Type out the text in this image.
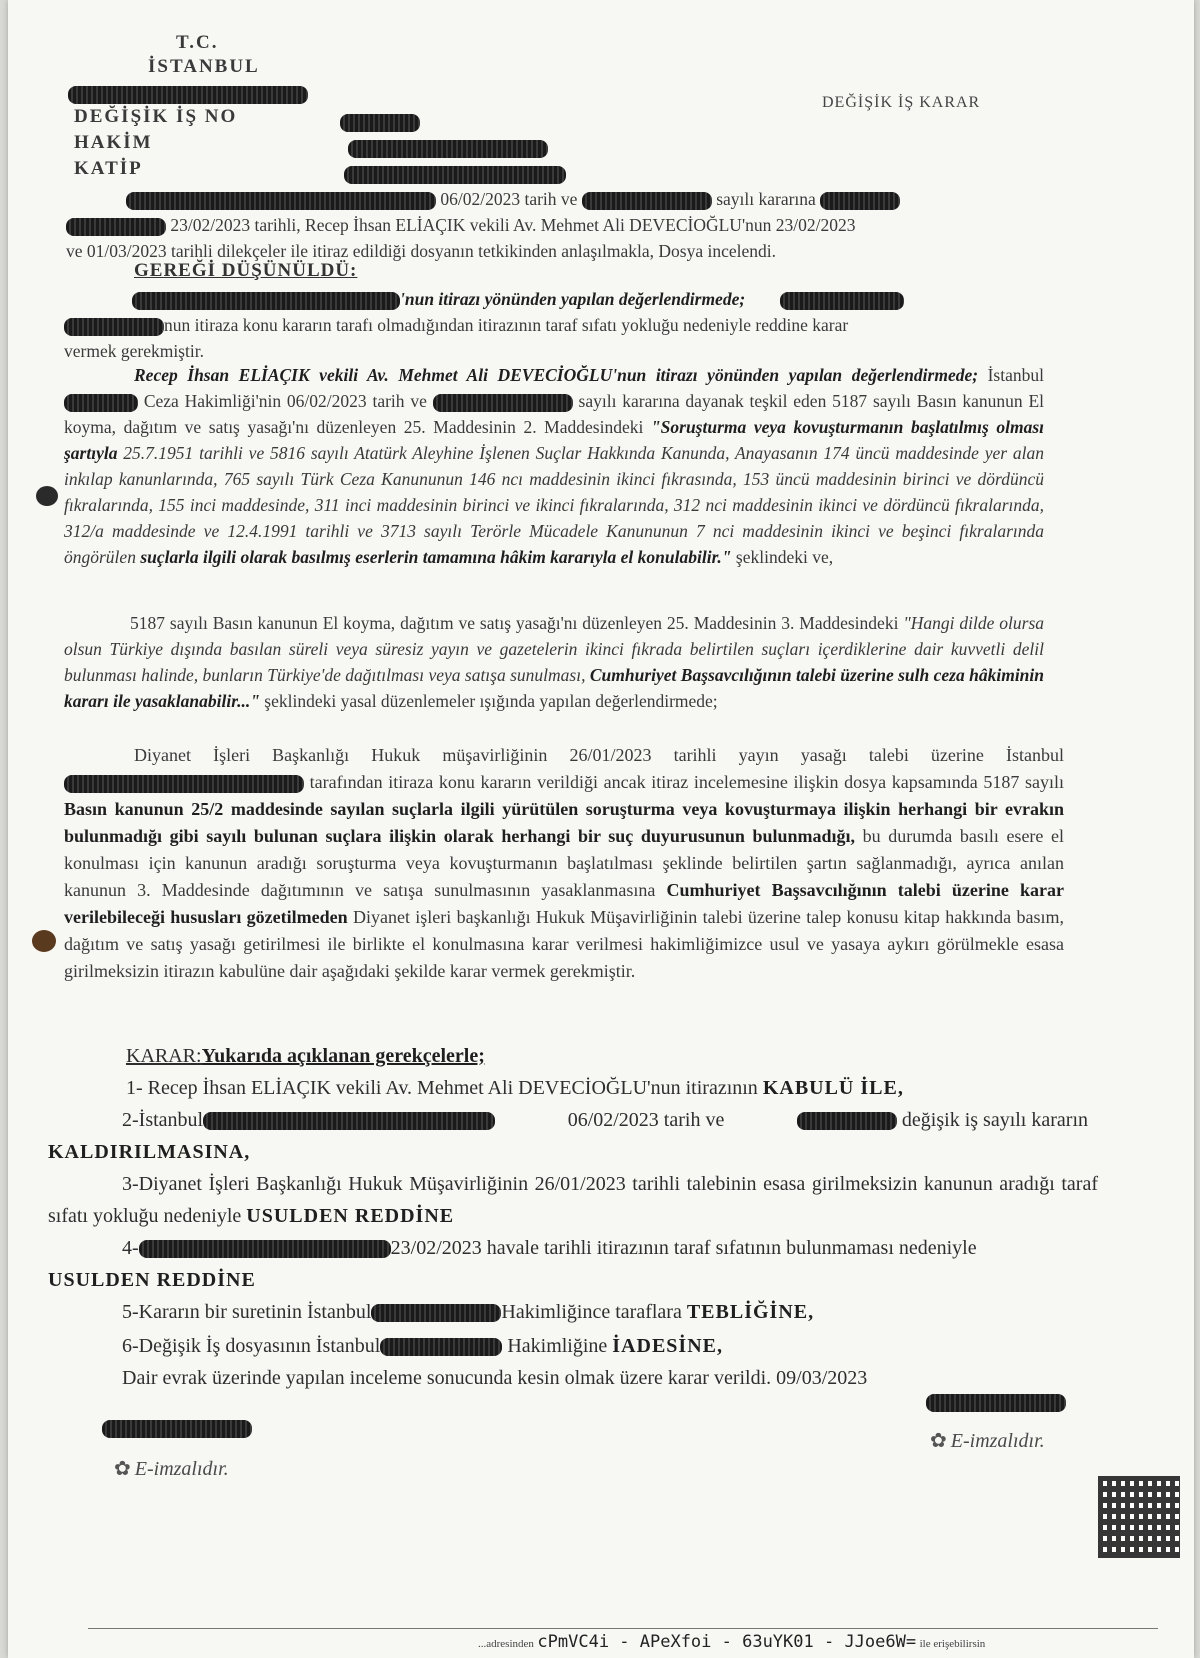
T.C.
İSTANBUL
DEĞİŞİK İŞ NO
HAKİM
KATİP
DEĞİŞİK İŞ KARAR
06/02/2023 tarih ve	sayılı kararına
23/02/2023 tarihli, Recep İhsan ELİAÇIK vekili Av. Mehmet Ali DEVECİOĞLU'nun 23/02/2023
ve 01/03/2023 tarihli dilekçeler ile itiraz edildiği dosyanın tetkikinden anlaşılmakla, Dosya incelendi.
GEREĞİ DÜŞÜNÜLDÜ:
'nun itirazı yönünden yapılan değerlendirmede;
nun itiraza konu kararın tarafı olmadığından itirazının taraf sıfatı yokluğu nedeniyle reddine karar
vermek gerekmiştir.
Recep İhsan ELİAÇIK vekili Av. Mehmet Ali DEVECİOĞLU'nun itirazı yönünden yapılan değerlendirmede; İstanbul Ceza Hakimliği'nin 06/02/2023 tarih ve	sayılı kararına dayanak teşkil eden 5187 sayılı Basın kanunun El koyma, dağıtım ve satış yasağı'nı düzenleyen 25. Maddesinin 2. Maddesindeki "Soruşturma veya kovuşturmanın başlatılmış olması şartıyla 25.7.1951 tarihli ve 5816 sayılı Atatürk Aleyhine İşlenen Suçlar Hakkında Kanunda, Anayasanın 174 üncü maddesinde yer alan inkılap kanunlarında, 765 sayılı Türk Ceza Kanununun 146 ncı maddesinin ikinci fıkrasında, 153 üncü maddesinin birinci ve dördüncü fıkralarında, 155 inci maddesinde, 311 inci maddesinin birinci ve ikinci fıkralarında, 312 nci maddesinin ikinci ve dördüncü fıkralarında, 312/a maddesinde ve 12.4.1991 tarihli ve 3713 sayılı Terörle Mücadele Kanununun 7 nci maddesinin ikinci ve beşinci fıkralarında öngörülen suçlarla ilgili olarak basılmış eserlerin tamamına hâkim kararıyla el konulabilir." şeklindeki ve,
5187 sayılı Basın kanunun El koyma, dağıtım ve satış yasağı'nı düzenleyen 25. Maddesinin 3. Maddesindeki "Hangi dilde olursa olsun Türkiye dışında basılan süreli veya süresiz yayın ve gazetelerin ikinci fıkrada belirtilen suçları içerdiklerine dair kuvvetli delil bulunması halinde, bunların Türkiye'de dağıtılması veya satışa sunulması, Cumhuriyet Başsavcılığının talebi üzerine sulh ceza hâkiminin kararı ile yasaklanabilir..." şeklindeki yasal düzenlemeler ışığında yapılan değerlendirmede;
Diyanet İşleri Başkanlığı Hukuk müşavirliğinin 26/01/2023 tarihli yayın yasağı talebi üzerine İstanbul  tarafından itiraza konu kararın verildiği ancak itiraz incelemesine ilişkin dosya kapsamında 5187 sayılı Basın kanunun 25/2 maddesinde sayılan suçlarla ilgili yürütülen soruşturma veya kovuşturmaya ilişkin herhangi bir evrakın bulunmadığı gibi sayılı bulunan suçlara ilişkin olarak herhangi bir suç duyurusunun bulunmadığı, bu durumda basılı esere el konulması için kanunun aradığı soruşturma veya kovuşturmanın başlatılması şeklinde belirtilen şartın sağlanmadığı, ayrıca anılan kanunun 3. Maddesinde dağıtımının ve satışa sunulmasının yasaklanmasına Cumhuriyet Başsavcılığının talebi üzerine karar verilebileceği hususları gözetilmeden Diyanet işleri başkanlığı Hukuk Müşavirliğinin talebi üzerine talep konusu kitap hakkında basım, dağıtım ve satış yasağı getirilmesi ile birlikte el konulmasına karar verilmesi hakimliğimizce usul ve yasaya aykırı görülmekle esasa girilmeksizin itirazın kabulüne dair aşağıdaki şekilde karar vermek gerekmiştir.
KARAR:Yukarıda açıklanan gerekçelerle;
1- Recep İhsan ELİAÇIK vekili Av. Mehmet Ali DEVECİOĞLU'nun itirazının KABULÜ İLE,
2-İstanbul	06/02/2023 tarih ve	değişik iş sayılı kararın
KALDIRILMASINA,
3-Diyanet İşleri Başkanlığı Hukuk Müşavirliğinin 26/01/2023 tarihli talebinin esasa girilmeksizin kanunun aradığı taraf sıfatı yokluğu nedeniyle USULDEN REDDİNE
4-	23/02/2023 havale tarihli itirazının taraf sıfatının bulunmaması nedeniyle
USULDEN REDDİNE
5-Kararın bir suretinin İstanbul	Hakimliğince taraflara TEBLİĞİNE,
6-Değişik İş dosyasının İstanbul	Hakimliğine İADESİNE,
Dair evrak üzerinde yapılan inceleme sonucunda kesin olmak üzere karar verildi. 09/03/2023
✿ E-imzalıdır.
✿ E-imzalıdır.
...adresinden cPmVC4i - APeXfoi - 63uYK01 - JJoe6W= ile erişebilirsin
